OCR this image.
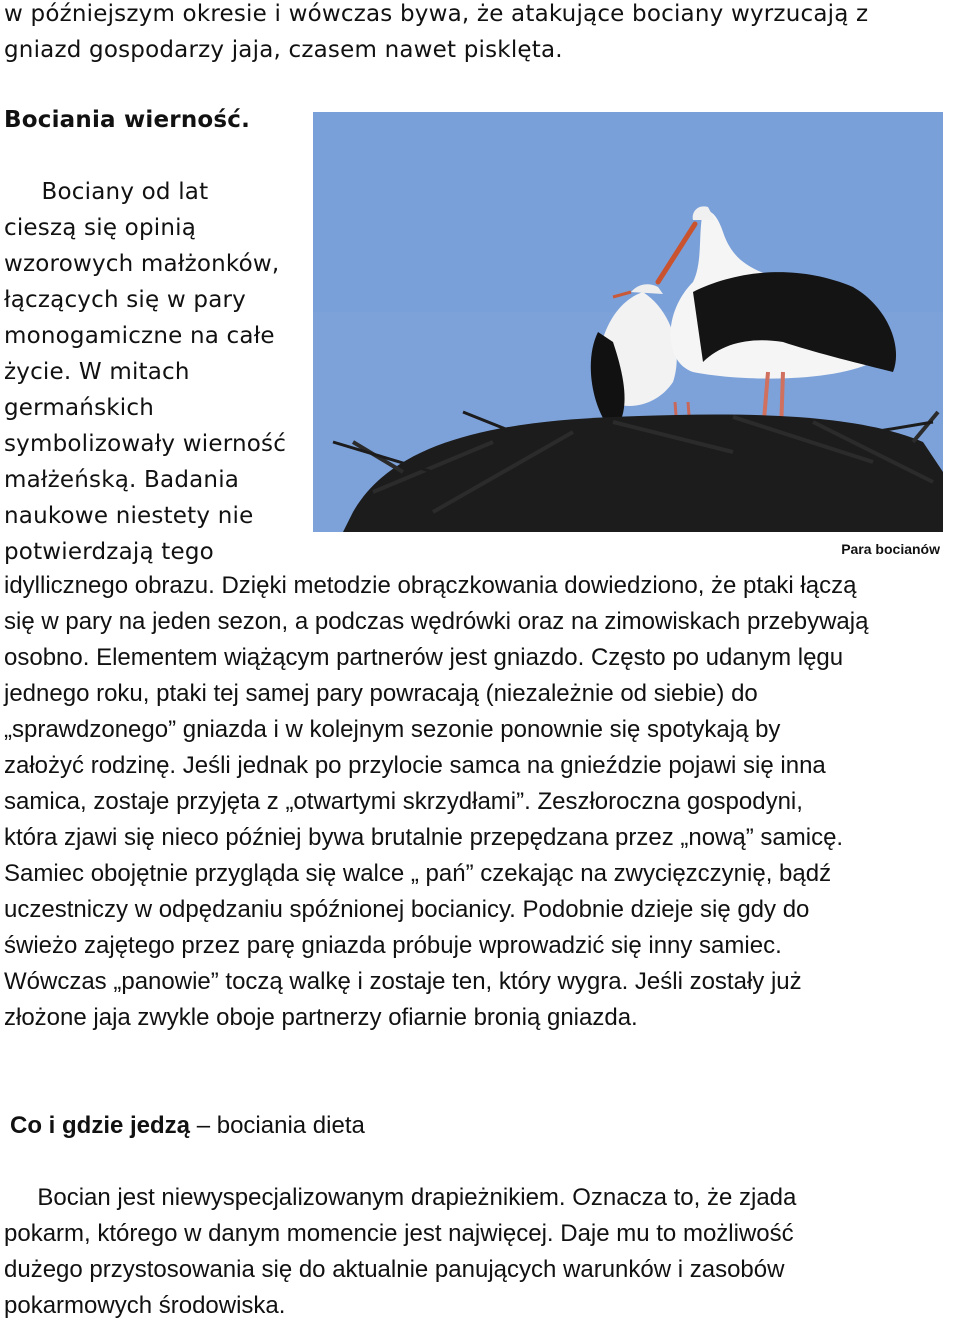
w późniejszym okresie i wówczas bywa, że atakujące bociany wyrzucają z
gniazd gospodarzy jaja, czasem nawet pisklęta.
Bociania wierność.
Bociany od lat
cieszą się opinią
wzorowych małżonków,
łączących się w pary
monogamiczne na całe
życie. W mitach
germańskich
symbolizowały wierność
małżeńską. Badania
naukowe niestety nie
potwierdzają tego	Para bocianów
idyllicznego obrazu. Dzięki metodzie obrączkowania dowiedziono, że ptaki łączą
się w pary na jeden sezon, a podczas wędrówki oraz na zimowiskach przebywają
osobno. Elementem wiążącym partnerów jest gniazdo. Często po udanym lęgu
jednego roku, ptaki tej samej pary powracają (niezależnie od siebie) do
„sprawdzonego” gniazda i w kolejnym sezonie ponownie się spotykają by
założyć rodzinę. Jeśli jednak po przylocie samca na gnieździe pojawi się inna
samica, zostaje przyjęta z „otwartymi skrzydłami”. Zeszłoroczna gospodyni,
która zjawi się nieco później bywa brutalnie przepędzana przez „nową” samicę.
Samiec obojętnie przygląda się walce „ pań” czekając na zwycięzczynię, bądź
uczestniczy w odpędzaniu spóźnionej bocianicy. Podobnie dzieje się gdy do
świeżo zajętego przez parę gniazda próbuje wprowadzić się inny samiec.
Wówczas „panowie” toczą walkę i zostaje ten, który wygra. Jeśli zostały już
złożone jaja zwykle oboje partnerzy ofiarnie bronią gniazda.
Co i gdzie jedzą – bociania dieta
Bocian jest niewyspecjalizowanym drapieżnikiem. Oznacza to, że zjada
pokarm, którego w danym momencie jest najwięcej. Daje mu to możliwość
dużego przystosowania się do aktualnie panujących warunków i zasobów
pokarmowych środowiska.
